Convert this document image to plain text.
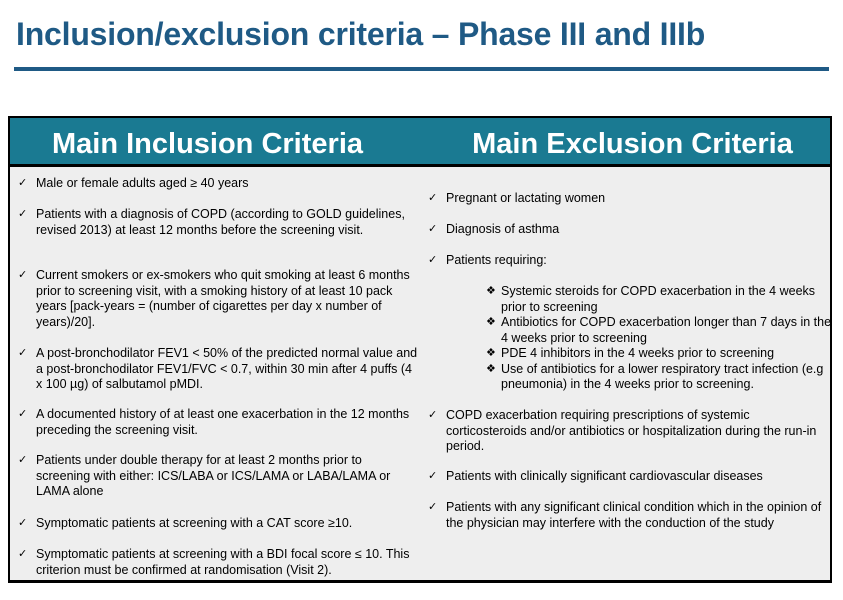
Inclusion/exclusion criteria – Phase III and IIIb
Main Inclusion Criteria	Main Exclusion Criteria
✓ Male or female adults aged ≥ 40 years
✓ Patients with a diagnosis of COPD (according to GOLD guidelines, revised 2013) at least 12 months before the screening visit.
✓ Current smokers or ex-smokers who quit smoking at least 6 months prior to screening visit, with a smoking history of at least 10 pack years [pack-years = (number of cigarettes per day x number of years)/20].
✓ A post-bronchodilator FEV1 < 50% of the predicted normal value and a post-bronchodilator FEV1/FVC < 0.7, within 30 min after 4 puffs (4 x 100 µg) of salbutamol pMDI.
✓ A documented history of at least one exacerbation in the 12 months preceding the screening visit.
✓ Patients under double therapy for at least 2 months prior to screening with either: ICS/LABA or ICS/LAMA or LABA/LAMA or LAMA alone
✓ Symptomatic patients at screening with a CAT score ≥10.
✓ Symptomatic patients at screening with a BDI focal score ≤ 10. This criterion must be confirmed at randomisation (Visit 2).
✓ Pregnant or lactating women
✓ Diagnosis of asthma
✓ Patients requiring:
❖ Systemic steroids for COPD exacerbation in the 4 weeks prior to screening
❖ Antibiotics for COPD exacerbation longer than 7 days in the 4 weeks prior to screening
❖ PDE 4 inhibitors in the 4 weeks prior to screening
❖ Use of antibiotics for a lower respiratory tract infection (e.g pneumonia) in the 4 weeks prior to screening.
✓ COPD exacerbation requiring prescriptions of systemic corticosteroids and/or antibiotics or hospitalization during the run-in period.
✓ Patients with clinically significant cardiovascular diseases
✓ Patients with any significant clinical condition which in the opinion of the physician may interfere with the conduction of the study
